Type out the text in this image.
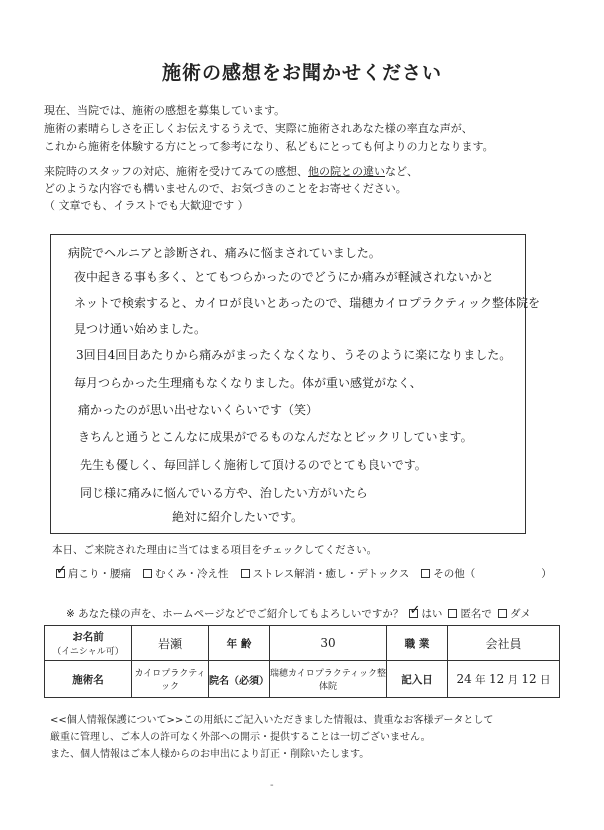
施術の感想をお聞かせください
現在、当院では、施術の感想を募集しています。
施術の素晴らしさを正しくお伝えするうえで、実際に施術されあなた様の率直な声が、
これから施術を体験する方にとって参考になり、私どもにとっても何よりの力となります。
来院時のスタッフの対応、施術を受けてみての感想、他の院との違いなど、
どのような内容でも構いませんので、お気づきのことをお寄せください。
（ 文章でも、イラストでも大歓迎です ）
病院でヘルニアと診断され、痛みに悩まされていました。
夜中起きる事も多く、とてもつらかったのでどうにか痛みが軽減されないかと
ネットで検索すると、カイロが良いとあったので、瑞穂カイロプラクティック整体院を
見つけ通い始めました。
3回目4回目あたりから痛みがまったくなくなり、うそのように楽になりました。
毎月つらかった生理痛もなくなりました。体が重い感覚がなく、
痛かったのが思い出せないくらいです（笑）
きちんと通うとこんなに成果がでるものなんだなとビックリしています。
先生も優しく、毎回詳しく施術して頂けるのでとても良いです。
同じ様に痛みに悩んでいる方や、治したい方がいたら
絶対に紹介したいです。
本日、ご来院された理由に当てはまる項目をチェックしてください。
✓ 肩こり・腰痛 むくみ・冷え性 ストレス解消・癒し・デトックス その他（	）
※ あなた様の声を、ホームページなどでご紹介してもよろしいですか？ ✓ はい 匿名で ダメ
お名前
（イニシャル可）	岩瀬	年 齢	30	職 業	会社員
施術名	カイロプラクティック	院名（必須）	瑞穂カイロプラクティック整体院	記入日	24 年 12 月 12 日
<<個人情報保護について>>この用紙にご記入いただきました情報は、貴重なお客様データとして
厳重に管理し、ご本人の許可なく外部への開示・提供することは一切ございません。
また、個人情報はご本人様からのお申出により訂正・削除いたします。
-
